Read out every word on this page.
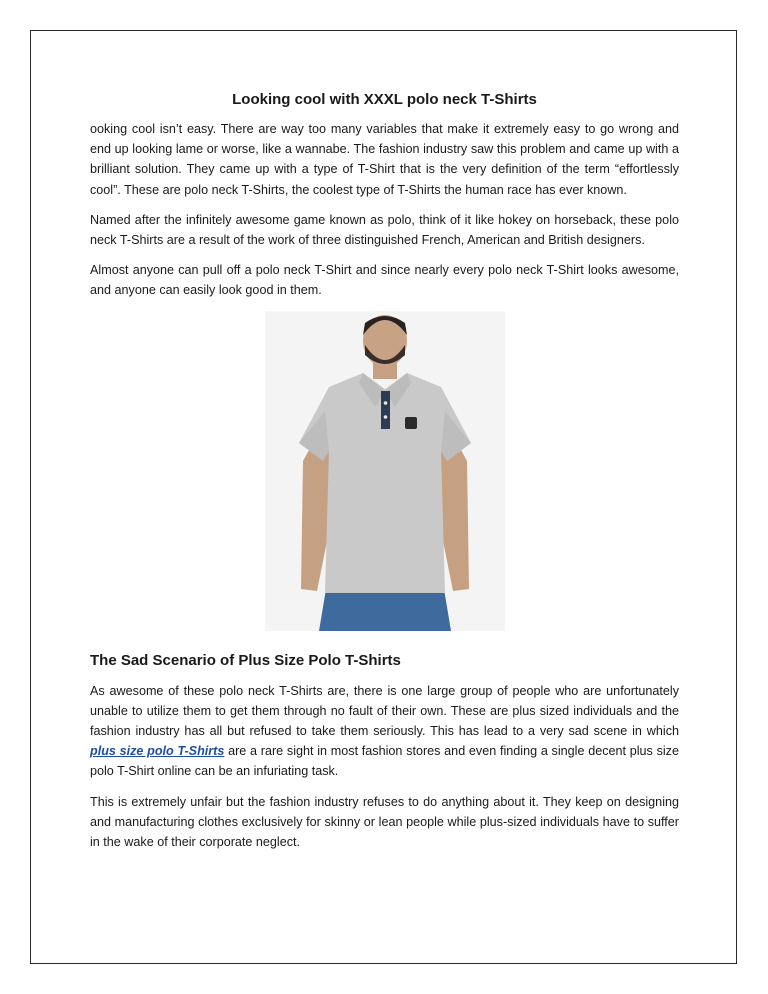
Looking cool with XXXL polo neck T-Shirts

ooking cool isn’t easy. There are way too many variables that make it extremely easy to go wrong and end up looking lame or worse, like a wannabe. The fashion industry saw this problem and came up with a brilliant solution. They came up with a type of T-Shirt that is the very definition of the term “effortlessly cool”. These are polo neck T-Shirts, the coolest type of T-Shirts the human race has ever known.

Named after the infinitely awesome game known as polo, think of it like hokey on horseback, these polo neck T-Shirts are a result of the work of three distinguished French, American and British designers.

Almost anyone can pull off a polo neck T-Shirt and since nearly every polo neck T-Shirt looks awesome, and anyone can easily look good in them.

The Sad Scenario of Plus Size Polo T-Shirts

As awesome of these polo neck T-Shirts are, there is one large group of people who are unfortunately unable to utilize them to get them through no fault of their own. These are plus sized individuals and the fashion industry has all but refused to take them seriously. This has lead to a very sad scene in which plus size polo T-Shirts are a rare sight in most fashion stores and even finding a single decent plus size polo T-Shirt online can be an infuriating task.

This is extremely unfair but the fashion industry refuses to do anything about it. They keep on designing and manufacturing clothes exclusively for skinny or lean people while plus-sized individuals have to suffer in the wake of their corporate neglect.
